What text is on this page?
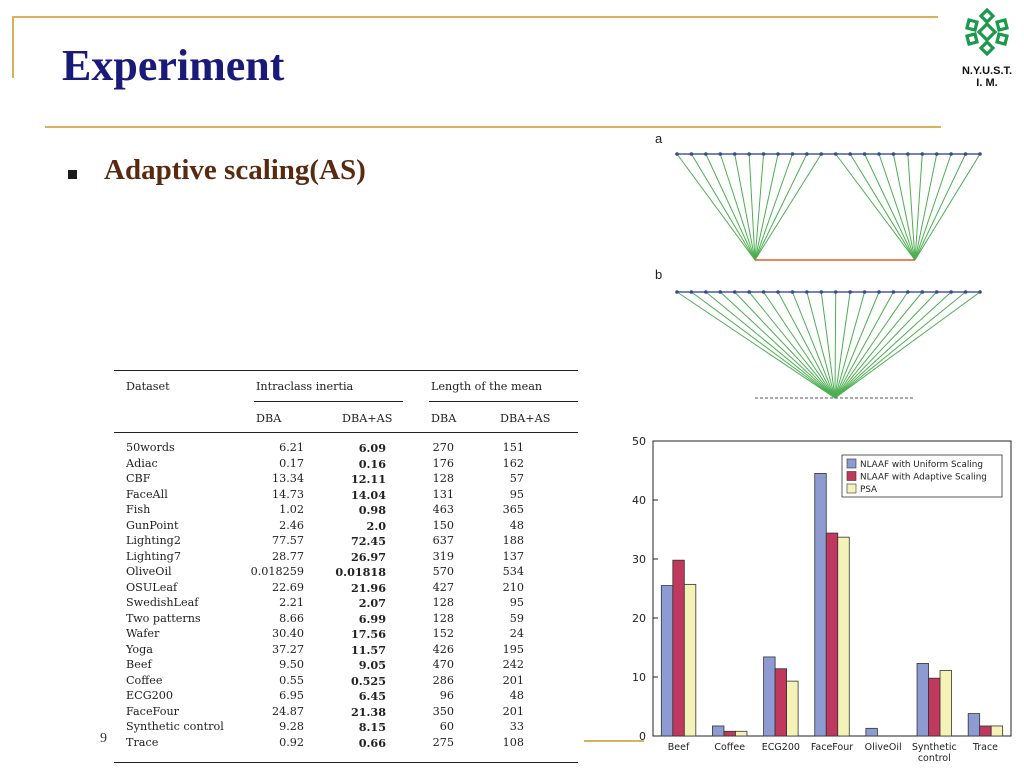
Experiment
Adaptive scaling(AS)
N.Y.U.S.T.
I. M.
a
b
Dataset	Intraclass inertia	Length of the mean
DBA	DBA+AS	DBA	DBA+AS
50words	6.21	6.09	270	151
Adiac	0.17	0.16	176	162
CBF	13.34	12.11	128	57
FaceAll	14.73	14.04	131	95
Fish	1.02	0.98	463	365
GunPoint	2.46	2.0	150	48
Lighting2	77.57	72.45	637	188
Lighting7	28.77	26.97	319	137
OliveOil	0.018259	0.01818	570	534
OSULeaf	22.69	21.96	427	210
SwedishLeaf	2.21	2.07	128	95
Two patterns	8.66	6.99	128	59
Wafer	30.40	17.56	152	24
Yoga	37.27	11.57	426	195
Beef	9.50	9.05	470	242
Coffee	0.55	0.525	286	201
ECG200	6.95	6.45	96	48
FaceFour	24.87	21.38	350	201
Synthetic control	9.28	8.15	60	33
Trace	0.92	0.66	275	108
9	0
10
20
30
40
50
Beef	Coffee ECG200 FaceFour OliveOil Synthetic
control
Trace
NLAAF with Uniform Scaling
NLAAF with Adaptive Scaling
PSA
